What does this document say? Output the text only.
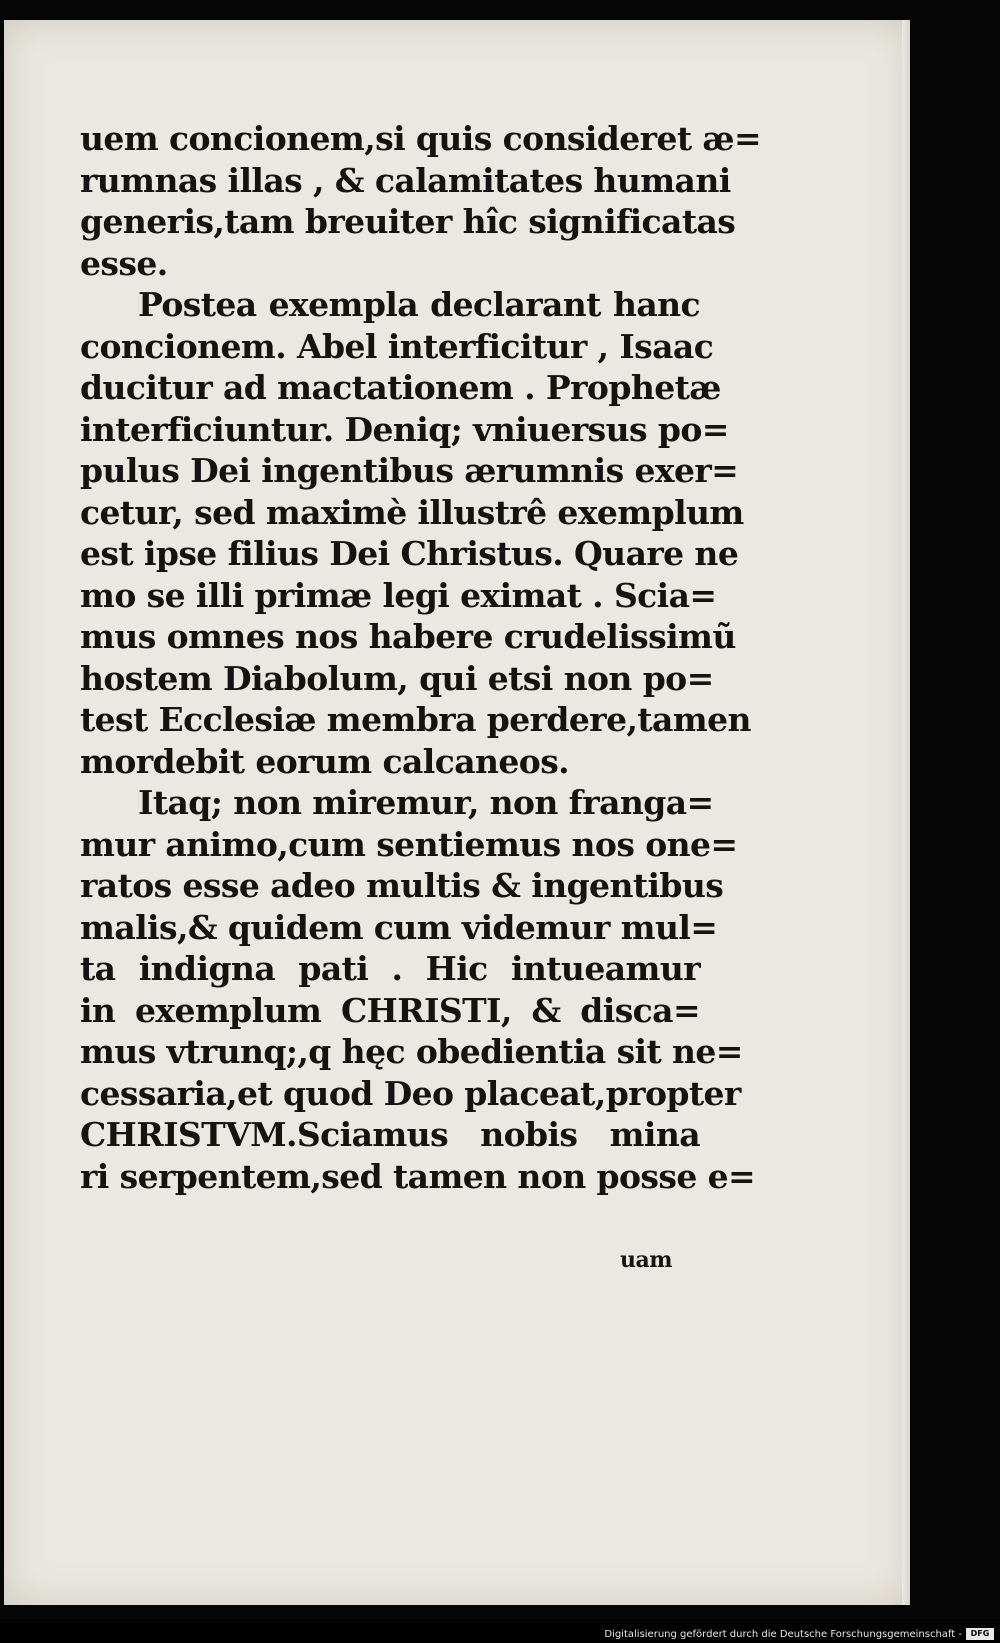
uem concionem,si quis consideret æ=
rumnas illas , & calamitates humani
generis,tam breuiter hîc significatas
esse.
Postea exempla declarant hanc
concionem. Abel interficitur , Isaac
ducitur ad mactationem . Prophetæ
interficiuntur. Deniq; vniuersus po=
pulus Dei ingentibus ærumnis exer=
cetur, sed maximè illustrê exemplum
est ipse filius Dei Christus. Quare ne
mo se illi primæ legi eximat . Scia=
mus omnes nos habere crudelissimũ
hostem Diabolum, qui etsi non po=
test Ecclesiæ membra perdere,tamen
mordebit eorum calcaneos.
Itaq; non miremur, non franga=
mur animo,cum sentiemus nos one=
ratos esse adeo multis & ingentibus
malis,& quidem cum videmur mul=
ta indigna pati . Hic intueamur
in exemplum CHRISTI, & disca=
mus vtrunq;,q hęc obedientia sit ne=
cessaria,et quod Deo placeat,propter
CHRISTVM.Sciamus nobis mina
ri serpentem,sed tamen non posse e=
uam
Digitalisierung gefördert durch die Deutsche Forschungsgemeinschaft -	DFG
